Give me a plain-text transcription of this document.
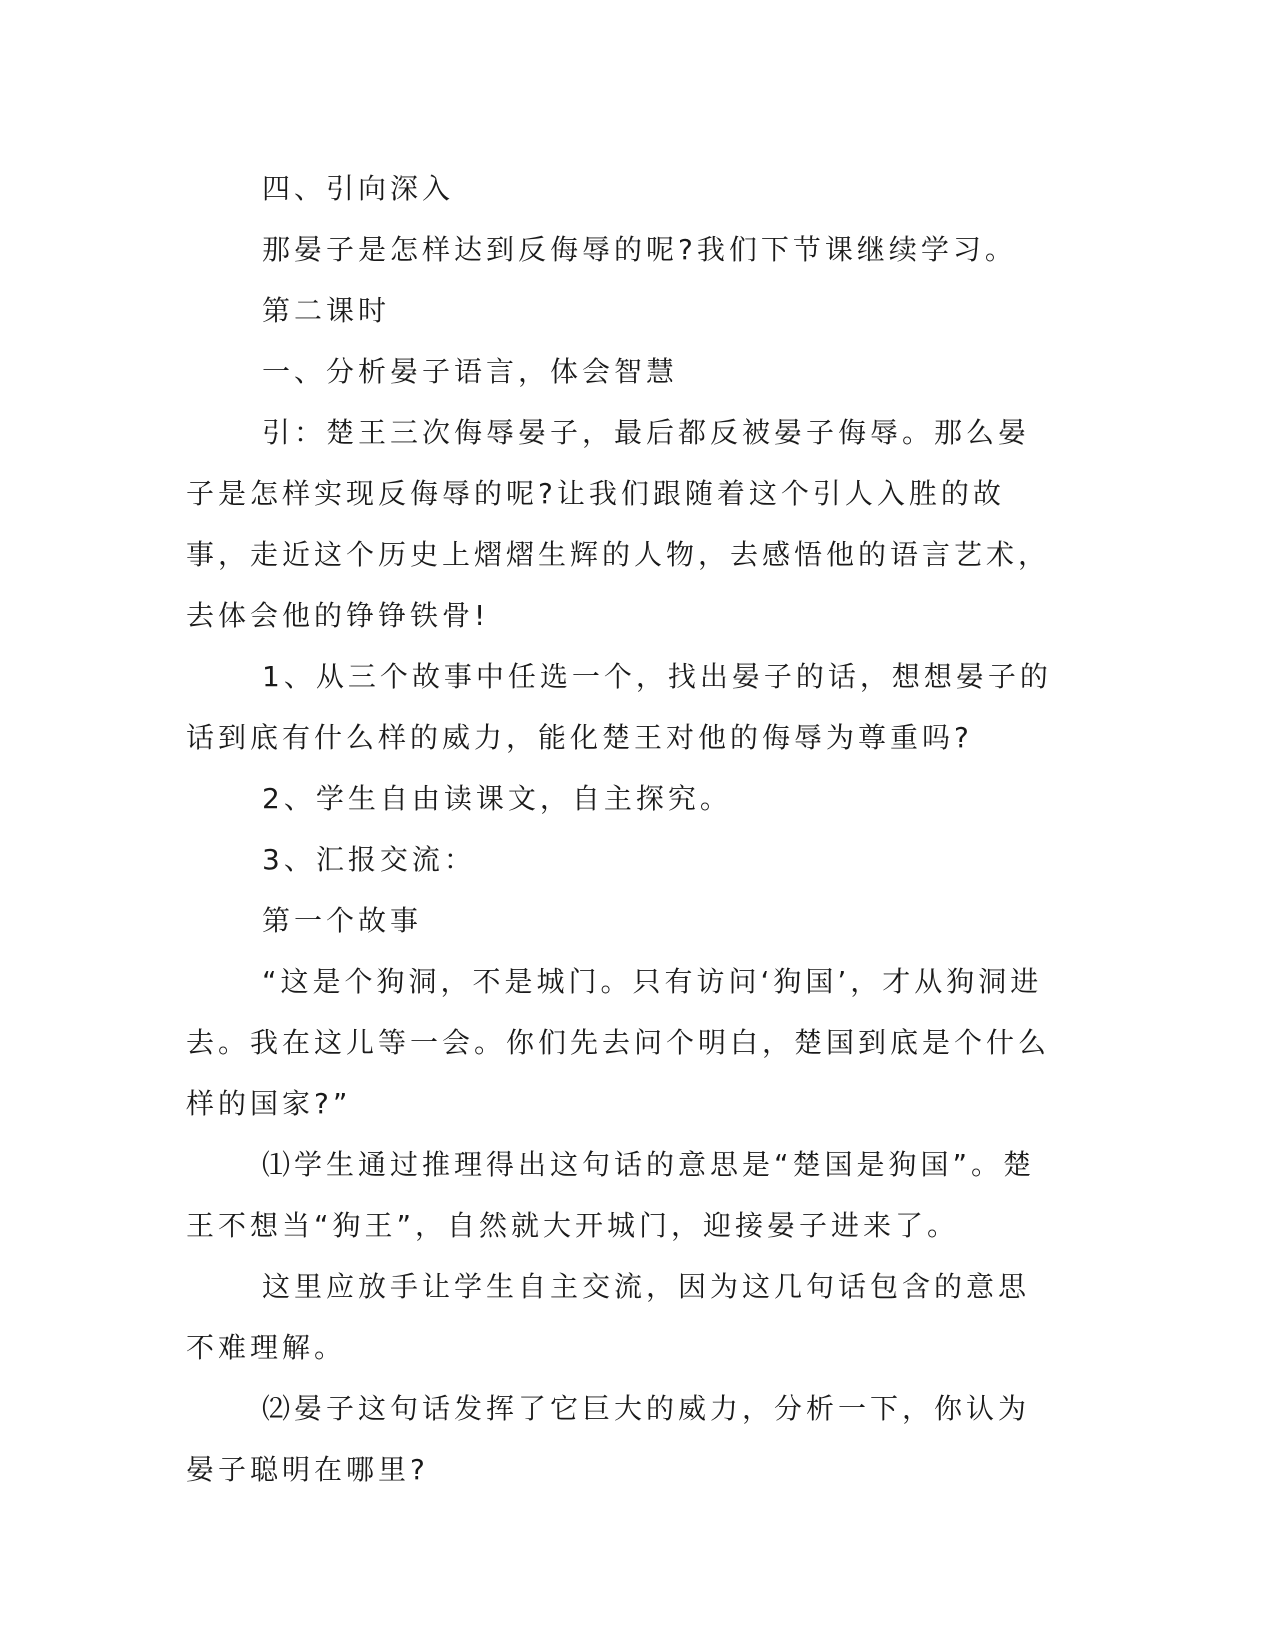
四、引向深入

那晏子是怎样达到反侮辱的呢?我们下节课继续学习。

第二课时

一、分析晏子语言，体会智慧

引：楚王三次侮辱晏子，最后都反被晏子侮辱。那么晏子是怎样实现反侮辱的呢?让我们跟随着这个引人入胜的故事，走近这个历史上熠熠生辉的人物，去感悟他的语言艺术，去体会他的铮铮铁骨!

1、从三个故事中任选一个，找出晏子的话，想想晏子的话到底有什么样的威力，能化楚王对他的侮辱为尊重吗?

2、学生自由读课文，自主探究。

3、汇报交流：

第一个故事

“这是个狗洞，不是城门。只有访问‘狗国’，才从狗洞进去。我在这儿等一会。你们先去问个明白，楚国到底是个什么样的国家?”

⑴学生通过推理得出这句话的意思是“楚国是狗国”。楚王不想当“狗王”，自然就大开城门，迎接晏子进来了。

这里应放手让学生自主交流，因为这几句话包含的意思不难理解。

⑵晏子这句话发挥了它巨大的威力，分析一下，你认为晏子聪明在哪里?
